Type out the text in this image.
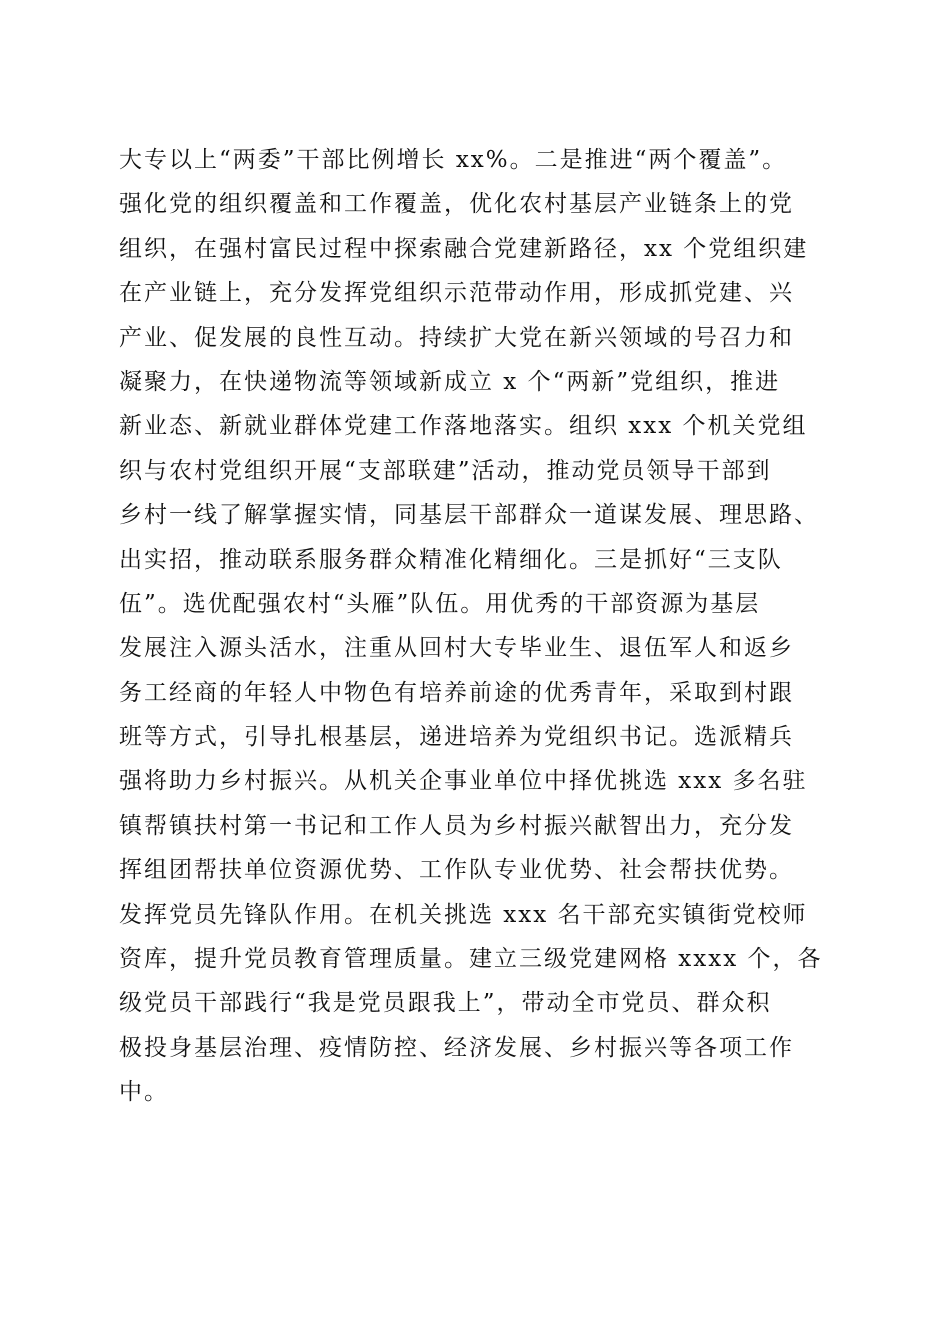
大专以上“两委”干部比例增长 xx%。二是推进“两个覆盖”。
强化党的组织覆盖和工作覆盖，优化农村基层产业链条上的党
组织，在强村富民过程中探索融合党建新路径，xx 个党组织建
在产业链上，充分发挥党组织示范带动作用，形成抓党建、兴
产业、促发展的良性互动。持续扩大党在新兴领域的号召力和
凝聚力，在快递物流等领域新成立 x 个“两新”党组织，推进
新业态、新就业群体党建工作落地落实。组织 xxx 个机关党组
织与农村党组织开展“支部联建”活动，推动党员领导干部到
乡村一线了解掌握实情，同基层干部群众一道谋发展、理思路、
出实招，推动联系服务群众精准化精细化。三是抓好“三支队
伍”。选优配强农村“头雁”队伍。用优秀的干部资源为基层
发展注入源头活水，注重从回村大专毕业生、退伍军人和返乡
务工经商的年轻人中物色有培养前途的优秀青年，采取到村跟
班等方式，引导扎根基层，递进培养为党组织书记。选派精兵
强将助力乡村振兴。从机关企事业单位中择优挑选 xxx 多名驻
镇帮镇扶村第一书记和工作人员为乡村振兴献智出力，充分发
挥组团帮扶单位资源优势、工作队专业优势、社会帮扶优势。
发挥党员先锋队作用。在机关挑选 xxx 名干部充实镇街党校师
资库，提升党员教育管理质量。建立三级党建网格 xxxx 个，各
级党员干部践行“我是党员跟我上”，带动全市党员、群众积
极投身基层治理、疫情防控、经济发展、乡村振兴等各项工作
中。
